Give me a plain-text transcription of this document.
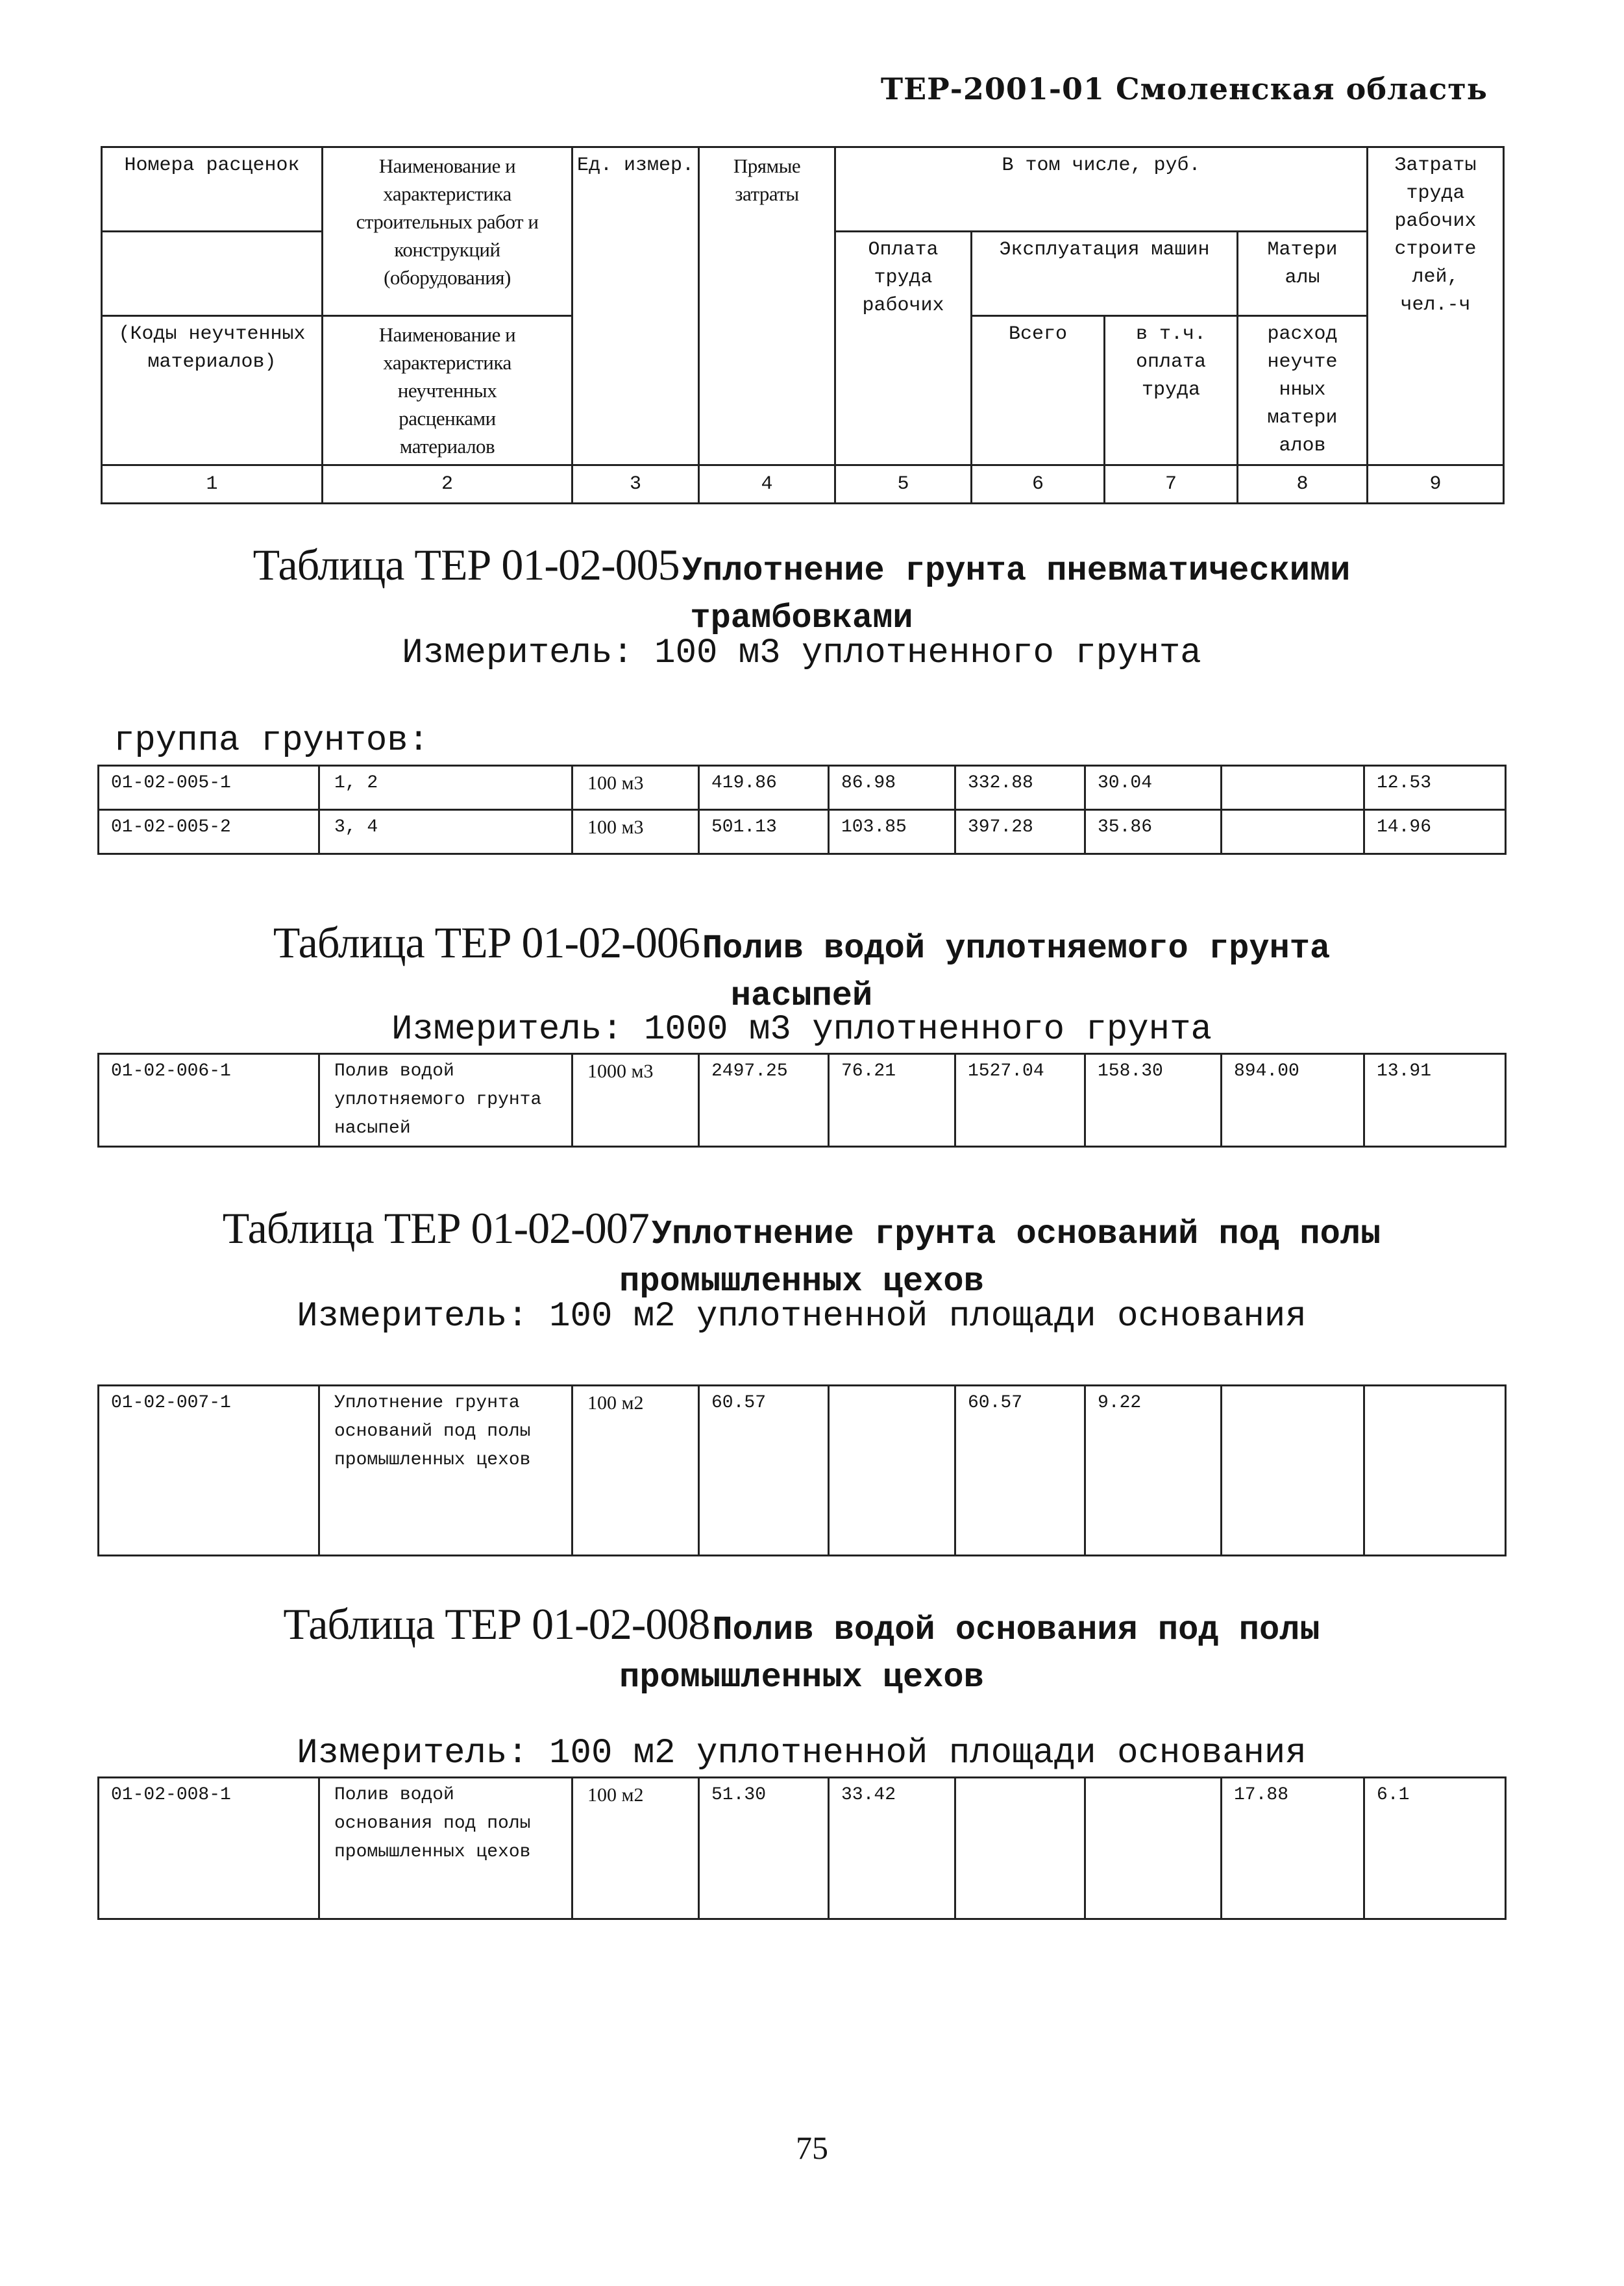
ТЕР-2001-01 Смоленская область
Номера расценок	Наименование и характеристика строительных работ и конструкций (оборудования)	Ед. измер.	Прямые затраты	В том числе, руб.				Затраты труда рабочих строите лей, чел.-ч
				Оплата труда рабочих	Эксплуатация машин		Матери алы	
(Коды неучтенных материалов)	Наименование и характеристика неучтенных расценками материалов				Всего	в т.ч. оплата труда	расход неучте нных матери алов	
1	2	3	4	5	6	7	8	9
Таблица ТЕР 01-02-005 Уплотнение грунта пневматическими
трамбовками
Измеритель: 100 м3 уплотненного грунта
группа грунтов:
01-02-005-1	1, 2	100 м3	419.86	86.98	332.88	30.04		12.53
01-02-005-2	3, 4	100 м3	501.13	103.85	397.28	35.86		14.96
Таблица ТЕР 01-02-006 Полив водой уплотняемого грунта
насыпей
Измеритель: 1000 м3 уплотненного грунта
01-02-006-1	Полив водой уплотняемого грунта насыпей	1000 м3	2497.25	76.21	1527.04	158.30	894.00	13.91
Таблица ТЕР 01-02-007 Уплотнение грунта оснований под полы
промышленных цехов
Измеритель: 100 м2 уплотненной площади основания
01-02-007-1	Уплотнение грунта оснований под полы промышленных цехов	100 м2	60.57		60.57	9.22		
Таблица ТЕР 01-02-008 Полив водой основания под полы
промышленных цехов
Измеритель: 100 м2 уплотненной площади основания
01-02-008-1	Полив водой основания под полы промышленных цехов	100 м2	51.30	33.42			17.88	6.1
75
